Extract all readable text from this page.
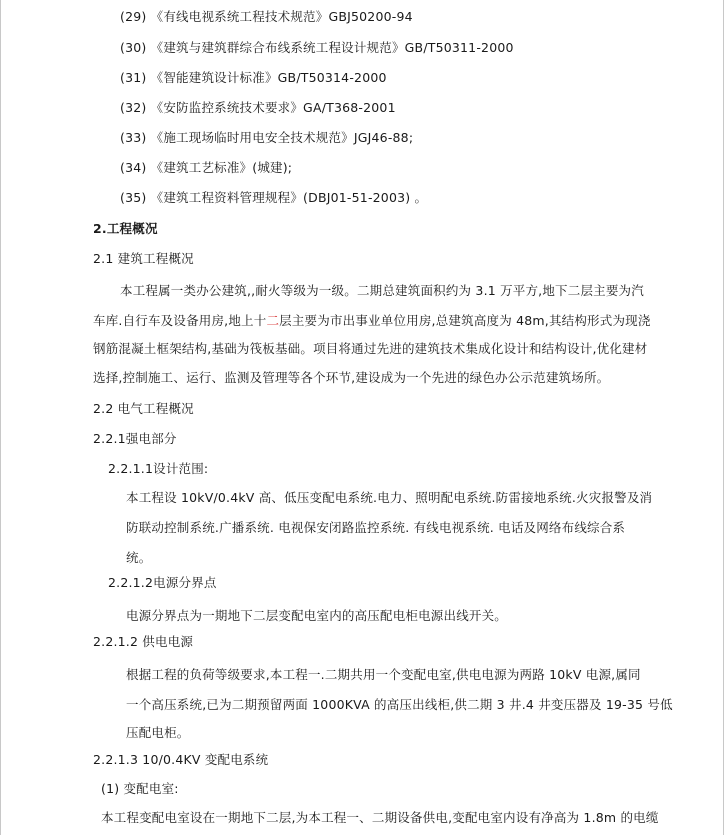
(29) 《有线电视系统工程技术规范》GBJ50200-94
(30) 《建筑与建筑群综合布线系统工程设计规范》GB/T50311-2000
(31) 《智能建筑设计标准》GB/T50314-2000
(32) 《安防监控系统技术要求》GA/T368-2001
(33) 《施工现场临时用电安全技术规范》JGJ46-88;
(34) 《建筑工艺标准》(城建);
(35) 《建筑工程资料管理规程》(DBJ01-51-2003) 。
2.工程概况
2.1 建筑工程概况
本工程属一类办公建筑,,耐火等级为一级。二期总建筑面积约为 3.1 万平方,地下二层主要为汽
车库.自行车及设备用房,地上十二层主要为市出事业单位用房,总建筑高度为 48m,其结构形式为现浇
钢筋混凝土框架结构,基础为筏板基础。项目将通过先进的建筑技术集成化设计和结构设计,优化建材
选择,控制施工、运行、监测及管理等各个环节,建设成为一个先进的绿色办公示范建筑场所。
2.2 电气工程概况
2.2.1强电部分
2.2.1.1设计范围:
本工程设 10kV/0.4kV 高、低压变配电系统.电力、照明配电系统.防雷接地系统.火灾报警及消
防联动控制系统.广播系统. 电视保安闭路监控系统. 有线电视系统. 电话及网络布线综合系
统。
2.2.1.2电源分界点
电源分界点为一期地下二层变配电室内的高压配电柜电源出线开关。
2.2.1.2 供电电源
根据工程的负荷等级要求,本工程一.二期共用一个变配电室,供电电源为两路 10kV 电源,属同
一个高压系统,已为二期预留两面 1000KVA 的高压出线柜,供二期 3 井.4 井变压器及 19-35 号低
压配电柜。
2.2.1.3 10/0.4KV 变配电系统
(1) 变配电室:
本工程变配电室设在一期地下二层,为本工程一、二期设备供电,变配电室内设有净高为 1.8m 的电缆
